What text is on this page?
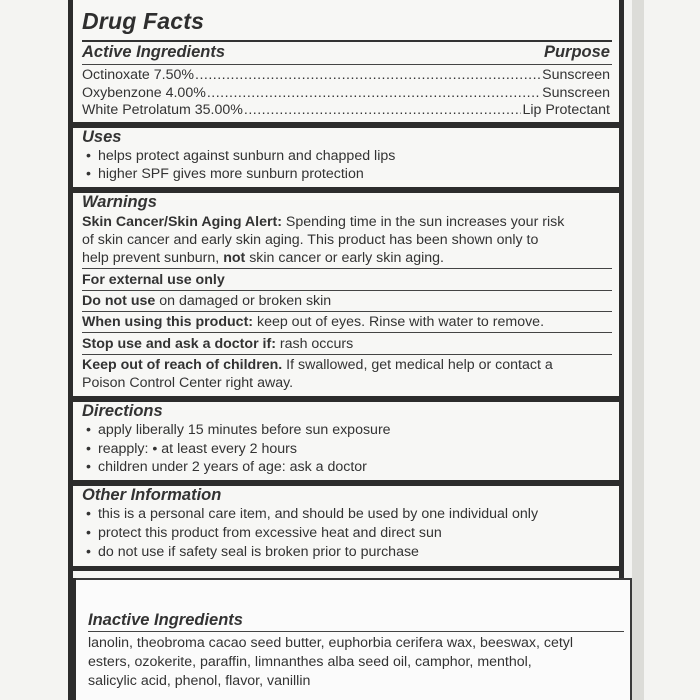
Drug Facts
Active Ingredients	Purpose
Octinoxate 7.50% .....	Sunscreen
Oxybenzone 4.00% .....	Sunscreen
White Petrolatum 35.00% .....	Lip Protectant
Uses
• helps protect against sunburn and chapped lips
• higher SPF gives more sunburn protection
Warnings
Skin Cancer/Skin Aging Alert: Spending time in the sun increases your risk
of skin cancer and early skin aging. This product has been shown only to
help prevent sunburn, not skin cancer or early skin aging.
For external use only
Do not use on damaged or broken skin
When using this product: keep out of eyes. Rinse with water to remove.
Stop use and ask a doctor if: rash occurs
Keep out of reach of children. If swallowed, get medical help or contact a
Poison Control Center right away.
Directions
• apply liberally 15 minutes before sun exposure
• reapply: • at least every 2 hours
• children under 2 years of age: ask a doctor
Other Information
• this is a personal care item, and should be used by one individual only
• protect this product from excessive heat and direct sun
• do not use if safety seal is broken prior to purchase
Inactive Ingredients
lanolin, theobroma cacao seed butter, euphorbia cerifera wax, beeswax, cetyl
esters, ozokerite, paraffin, limnanthes alba seed oil, camphor, menthol,
salicylic acid, phenol, flavor, vanillin
